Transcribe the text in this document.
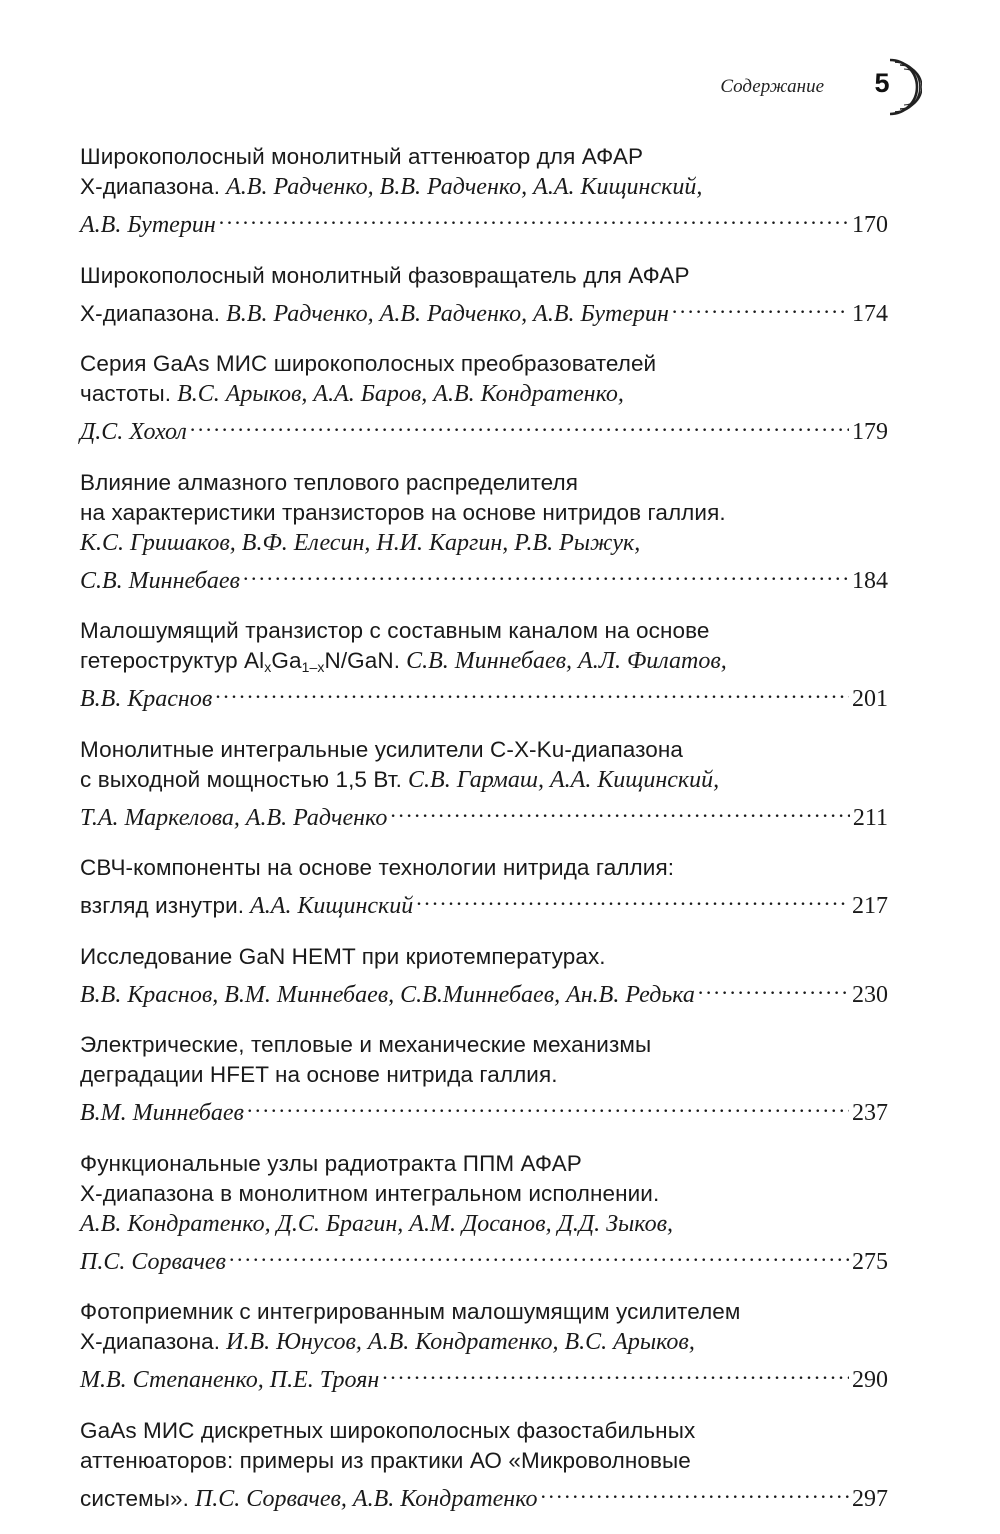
Содержание 5
Широкополосный монолитный аттенюатор для АФАР
X-диапазона. А.В. Радченко, В.В. Радченко, А.А. Кищинский,
А.В. Бутерин . . .	170
Широкополосный монолитный фазовращатель для АФАР
X-диапазона.
В.В. Радченко, А.В. Радченко, А.В. Бутерин . . .	174
Серия GaAs МИС широкополосных преобразователей
частоты. В.С. Арыков, А.А. Баров, А.В. Кондратенко,
Д.С. Хохол . . .	179
Влияние алмазного теплового распределителя
на характеристики транзисторов на основе нитридов галлия.
К.С. Гришаков, В.Ф. Елесин, Н.И. Каргин, Р.В. Рыжук,
С.В. Миннебаев . . .	184
Малошумящий транзистор с составным каналом на основе
гетероструктур $Al_xGa_{1-x}N$/GaN. С.В. Миннебаев, А.Л. Филатов,
В.В. Краснов . . .	201
Монолитные интегральные усилители C-X-Ku-диапазона
с выходной мощностью 1,5 Вт. С.В. Гармаш, А.А. Кищинский,
Т.А. Маркелова, А.В. Радченко . . .	211
СВЧ-компоненты на основе технологии нитрида галлия:
взгляд изнутри.
А.А. Кищинский . . .	217
Исследование GaN HEMT при криотемпературах.
В.В. Краснов, В.М. Миннебаев, С.В.Миннебаев, Ан.В. Редька . . .	230
Электрические, тепловые и механические механизмы
деградации HFET на основе нитрида галлия.
В.М. Миннебаев . . .	237
Функциональные узлы радиотракта ППМ АФАР
X-диапазона в монолитном интегральном исполнении.
А.В. Кондратенко, Д.С. Брагин, А.М. Досанов, Д.Д. Зыков,
П.С. Сорвачев . . .	275
Фотоприемник с интегрированным малошумящим усилителем
X-диапазона. И.В. Юнусов, А.В. Кондратенко, В.С. Арыков,
М.В. Степаненко, П.Е. Троян . . .	290
GaAs МИС дискретных широкополосных фазостабильных
аттенюаторов: примеры из практики АО «Микроволновые
системы».
П.С. Сорвачев, А.В. Кондратенко . . .	297
